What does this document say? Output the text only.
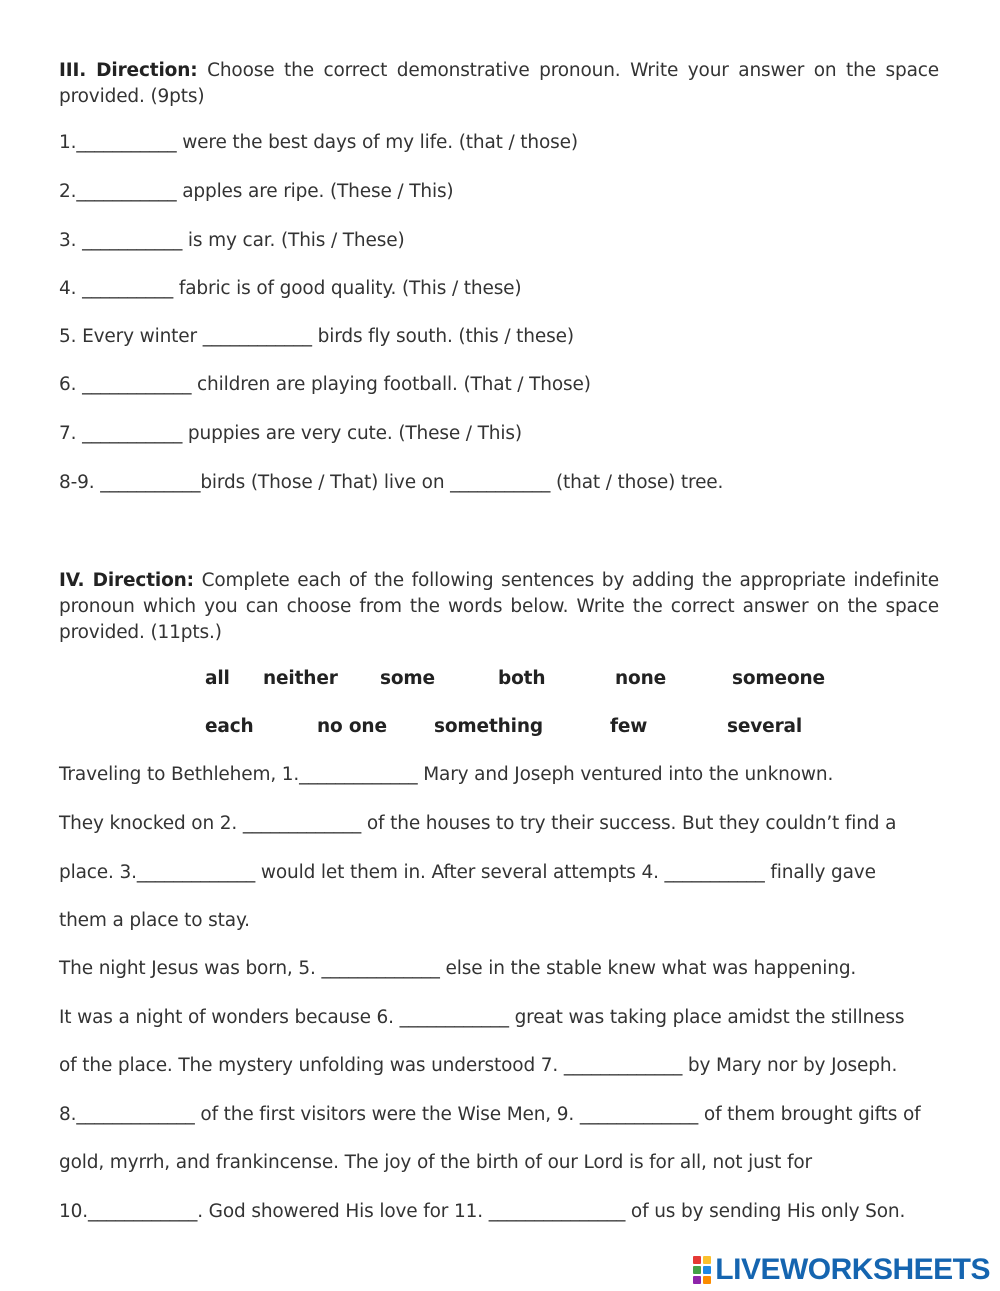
III. Direction: Choose the correct demonstrative pronoun. Write your answer on the space provided. (9pts)

1.___________ were the best days of my life. (that / those)

2.___________ apples are ripe. (These / This)

3. ___________ is my car. (This / These)

4. __________ fabric is of good quality. (This / these)

5. Every winter ____________ birds fly south. (this / these)

6. ____________ children are playing football. (That / Those)

7. ___________ puppies are very cute. (These / This)

8-9. ___________birds (Those / That) live on ___________ (that / those) tree.

IV. Direction: Complete each of the following sentences by adding the appropriate indefinite pronoun which you can choose from the words below. Write the correct answer on the space provided. (11pts.)

all neither some	both	none	someone
each	no one	something	few	several

Traveling to Bethlehem, 1._____________ Mary and Joseph ventured into the unknown.

They knocked on 2. _____________ of the houses to try their success. But they couldn’t find a

place. 3._____________ would let them in. After several attempts 4. ___________ finally gave

them a place to stay.

The night Jesus was born, 5. _____________ else in the stable knew what was happening.

It was a night of wonders because 6. ____________ great was taking place amidst the stillness

of the place. The mystery unfolding was understood 7. _____________ by Mary nor by Joseph.

8._____________ of the first visitors were the Wise Men, 9. _____________ of them brought gifts of

gold, myrrh, and frankincense. The joy of the birth of our Lord is for all, not just for

10.____________. God showered His love for 11. _______________ of us by sending His only Son.

LIVEWORKSHEETS
